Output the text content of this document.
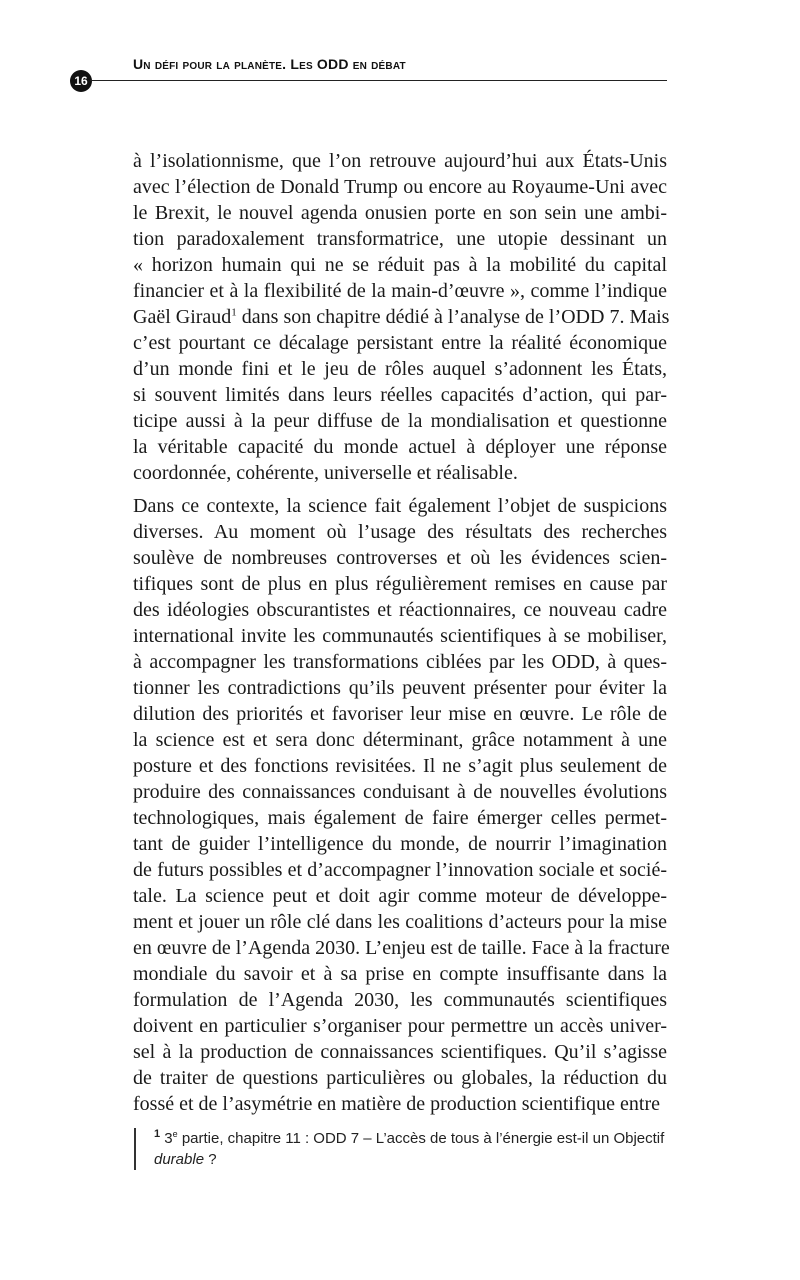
Un défi pour la planète. Les ODD en débat
16
à l’isolationnisme, que l’on retrouve aujourd’hui aux États-Unis
avec l’élection de Donald Trump ou encore au Royaume-Uni avec
le Brexit, le nouvel agenda onusien porte en son sein une ambi-
tion paradoxalement transformatrice, une utopie dessinant un
« horizon humain qui ne se réduit pas à la mobilité du capital
financier et à la flexibilité de la main-d’œuvre », comme l’indique
Gaël Giraud$^1$ dans son chapitre dédié à l’analyse de l’ODD 7. Mais
c’est pourtant ce décalage persistant entre la réalité économique
d’un monde fini et le jeu de rôles auquel s’adonnent les États,
si souvent limités dans leurs réelles capacités d’action, qui par-
ticipe aussi à la peur diffuse de la mondialisation et questionne
la véritable capacité du monde actuel à déployer une réponse
coordonnée, cohérente, universelle et réalisable.
Dans ce contexte, la science fait également l’objet de suspicions
diverses. Au moment où l’usage des résultats des recherches
soulève de nombreuses controverses et où les évidences scien-
tifiques sont de plus en plus régulièrement remises en cause par
des idéologies obscurantistes et réactionnaires, ce nouveau cadre
international invite les communautés scientifiques à se mobiliser,
à accompagner les transformations ciblées par les ODD, à ques-
tionner les contradictions qu’ils peuvent présenter pour éviter la
dilution des priorités et favoriser leur mise en œuvre. Le rôle de
la science est et sera donc déterminant, grâce notamment à une
posture et des fonctions revisitées. Il ne s’agit plus seulement de
produire des connaissances conduisant à de nouvelles évolutions
technologiques, mais également de faire émerger celles permet-
tant de guider l’intelligence du monde, de nourrir l’imagination
de futurs possibles et d’accompagner l’innovation sociale et socié-
tale. La science peut et doit agir comme moteur de développe-
ment et jouer un rôle clé dans les coalitions d’acteurs pour la mise
en œuvre de l’Agenda 2030. L’enjeu est de taille. Face à la fracture
mondiale du savoir et à sa prise en compte insuffisante dans la
formulation de l’Agenda 2030, les communautés scientifiques
doivent en particulier s’organiser pour permettre un accès univer-
sel à la production de connaissances scientifiques. Qu’il s’agisse
de traiter de questions particulières ou globales, la réduction du
fossé et de l’asymétrie en matière de production scientifique entre
$^1$ 3e partie, chapitre 11 : ODD 7 – L’accès de tous à l’énergie est-il un Objectif durable ?
